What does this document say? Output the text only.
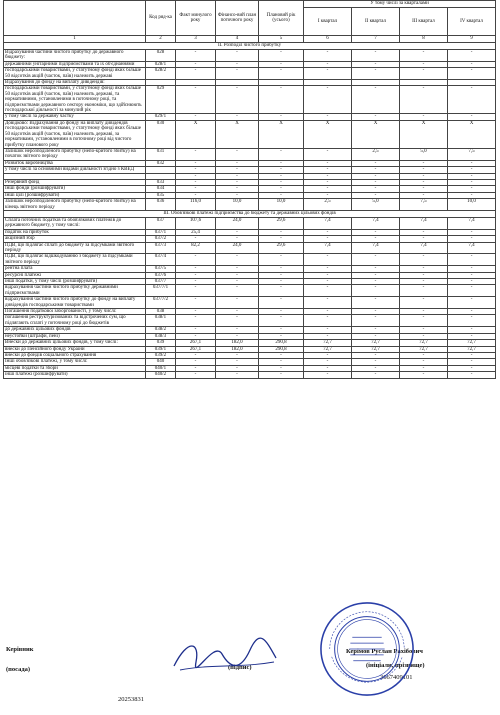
	Код ряд-ка	Факт минулого року	Фінансо-вий план поточного року	Плановий рік (усього)	У тому числі за кварталами			
					I квартал	II квартал	III квартал	IV квартал
1	2	3	4	5	6	7	8	9
II. Розподіл чистого прибутку								
Відрахування частини чистого прибутку до державного бюджету:	028	-	-	-	-	-	-	-
державними унітарними підприємствами та їх об'єднаннями	028/1	-	-	-	-	-	-	-
господарськими товариствами, у статутному фонді яких більше 50 відсотків акцій (часток, паїв) належить державі	028/2	-	-	-	-	-	-	-
Відрахування до фонду на виплату дивідендів:								
господарськими товариствами, у статутному фонді яких більше 50 відсотків акцій (часток, паїв) належить державі, та нормативними, установленими в поточному році, та підприємствами державного сектору економіки, що здійснюють господарської діяльності за минулий рік	029	-	-	-	-	-	-	-
у тому числі за державну частку	029/1	-	-	-	-	-	-	-
Довідково: Відрахування до фонду на виплату дивідендів господарськими товариствами, у статутному фонді яких більше 50 відсотків акцій (часток, паїв) належить державі, за нормативами, установленими в поточному році від чистого прибутку планового року	030	X	X	X	X	X	X	X
Залишок нерозподіленого прибутку (непо-критого збитку) на початок звітного періоду	031	-	-	-	-	2,5	5,0	7,5
Розвиток виробництва	032	-	-	-	-	-	-	-
у тому числі за основними видами діяльності згідно з КВЕД		-	-	-	-	-	-	-
		-	-	-	-	-	-	-
Резервний фонд	033	-	-	-	-	-	-	-
Інші фонди (розшифрувати)	034	-	-	-	-	-	-	-
Інші цілі (розшифрувати)	035	-	-	-	-	-	-	-
Залишок нерозподіленого прибутку (непо-критого збитку) на кінець звітного періоду	036	116,0	10,0	10,0	2,5	5,0	7,5	10,0
III. Обов'язкові платежі підприємства до бюджету та державних цільових фондів								
Сплата поточних податків та обов'язкових платежів до державного бюджету, у тому числі:	037	107,6	24,0	29,6	7,4	7,4	7,4	7,4
податок на прибуток	037/1	25,4	-	-	-	-	-	-
акцизний збір	037/2	-	-	-	-	-	-	-
ПДВ, що підлягає сплаті до бюджету за підсумками звітного періоду	037/3	82,2	24,0	29,6	7,4	7,4	7,4	7,4
ПДВ, що підлягає відшкодуванню з бюджету за підсумками звітного періоду	037/4	-	-	-	-	-	-	-
рентна плата	037/5	-	-	-	-	-	-	-
ресурсні платежі	037/6	-	-	-	-	-	-	-
інші податки, у тому числі (розшифрувати)	037/7	-	-	-	-	-	-	-
відрахування частини чистого прибутку державними підприємствами	037/7/1	-	-	-	-	-	-	-
відрахування частини чистого прибутку до фонду на виплату дивідендів господарськими товариствами	037/7/2	-	-	-	-	-	-	-
Погашення податкової заборгованості, у тому числі:	038	-	-	-	-	-	-	-
погашення реструктуризованих та відстрочених сум, що підлягають сплаті у поточному році до бюджетів	038/1	-	-	-	-	-	-	-
до державних цільових фондів	038/2	-	-	-	-	-	-	-
неустойки (штрафи, пені)	038/3	-	-	-	-	-	-	-
Внески до державних цільових фондів, у тому числі:	039	267,1	182,0	290,8	72,7	72,7	72,7	72,7
внески до Пенсійного фонду України	039/1	267,1	182,0	290,8	72,7	72,7	72,7	72,7
внески до фондів соціального страхування	039/2	-	-	-	-	-	-	-
Інші обов'язкові платежі, у тому числі:	040	-	-	-	-	-	-	-
місцеві податки та збори	040/1	-	-	-	-	-	-	-
інші платежі (розшифрувати)	040/2	-	-	-	-	-	-	-
Керівник
(посада)
20253831
(підпис)
Керімов Руслан Рахібович
(ініціали, прізвище)
3667409101
